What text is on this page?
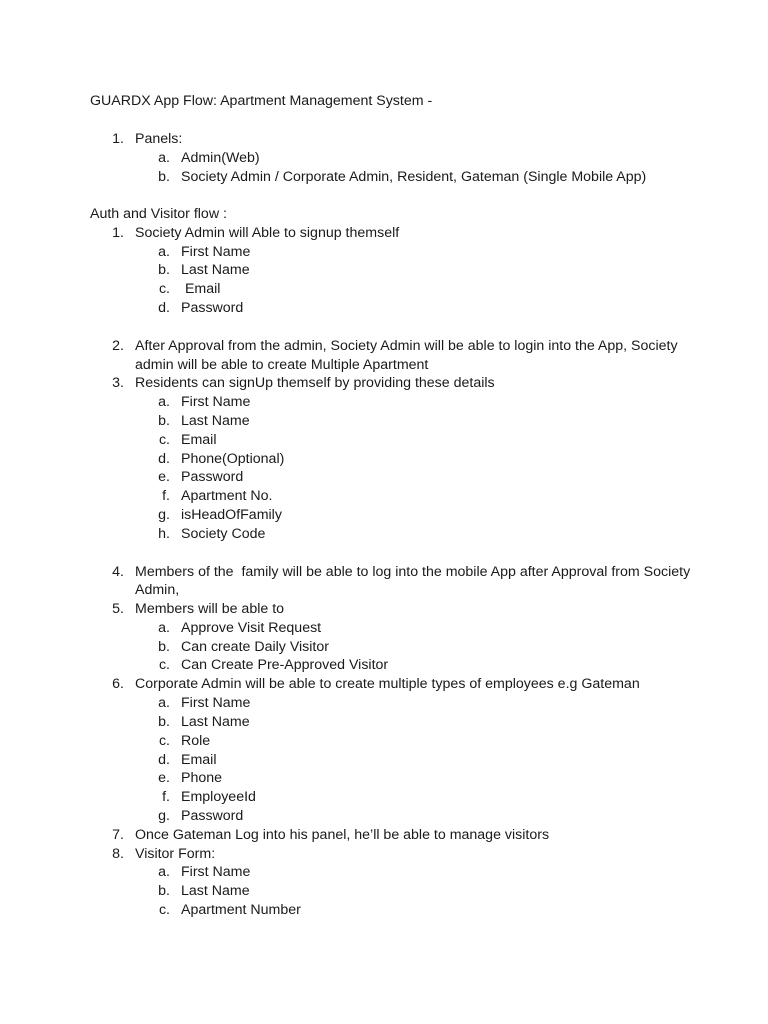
GUARDX App Flow: Apartment Management System -
1. Panels:
a. Admin(Web)
b. Society Admin / Corporate Admin, Resident, Gateman (Single Mobile App)
Auth and Visitor flow :
1. Society Admin will Able to signup themself
a. First Name
b. Last Name
c. Email
d. Password
2. After Approval from the admin, Society Admin will be able to login into the App, Society
admin will be able to create Multiple Apartment
3. Residents can signUp themself by providing these details
a. First Name
b. Last Name
c. Email
d. Phone(Optional)
e. Password
f. Apartment No.
g. isHeadOfFamily
h. Society Code
4. Members of the  family will be able to log into the mobile App after Approval from Society
Admin,
5. Members will be able to
a. Approve Visit Request
b. Can create Daily Visitor
c. Can Create Pre-Approved Visitor
6. Corporate Admin will be able to create multiple types of employees e.g Gateman
a. First Name
b. Last Name
c. Role
d. Email
e. Phone
f. EmployeeId
g. Password
7. Once Gateman Log into his panel, he’ll be able to manage visitors
8. Visitor Form:
a. First Name
b. Last Name
c. Apartment Number
